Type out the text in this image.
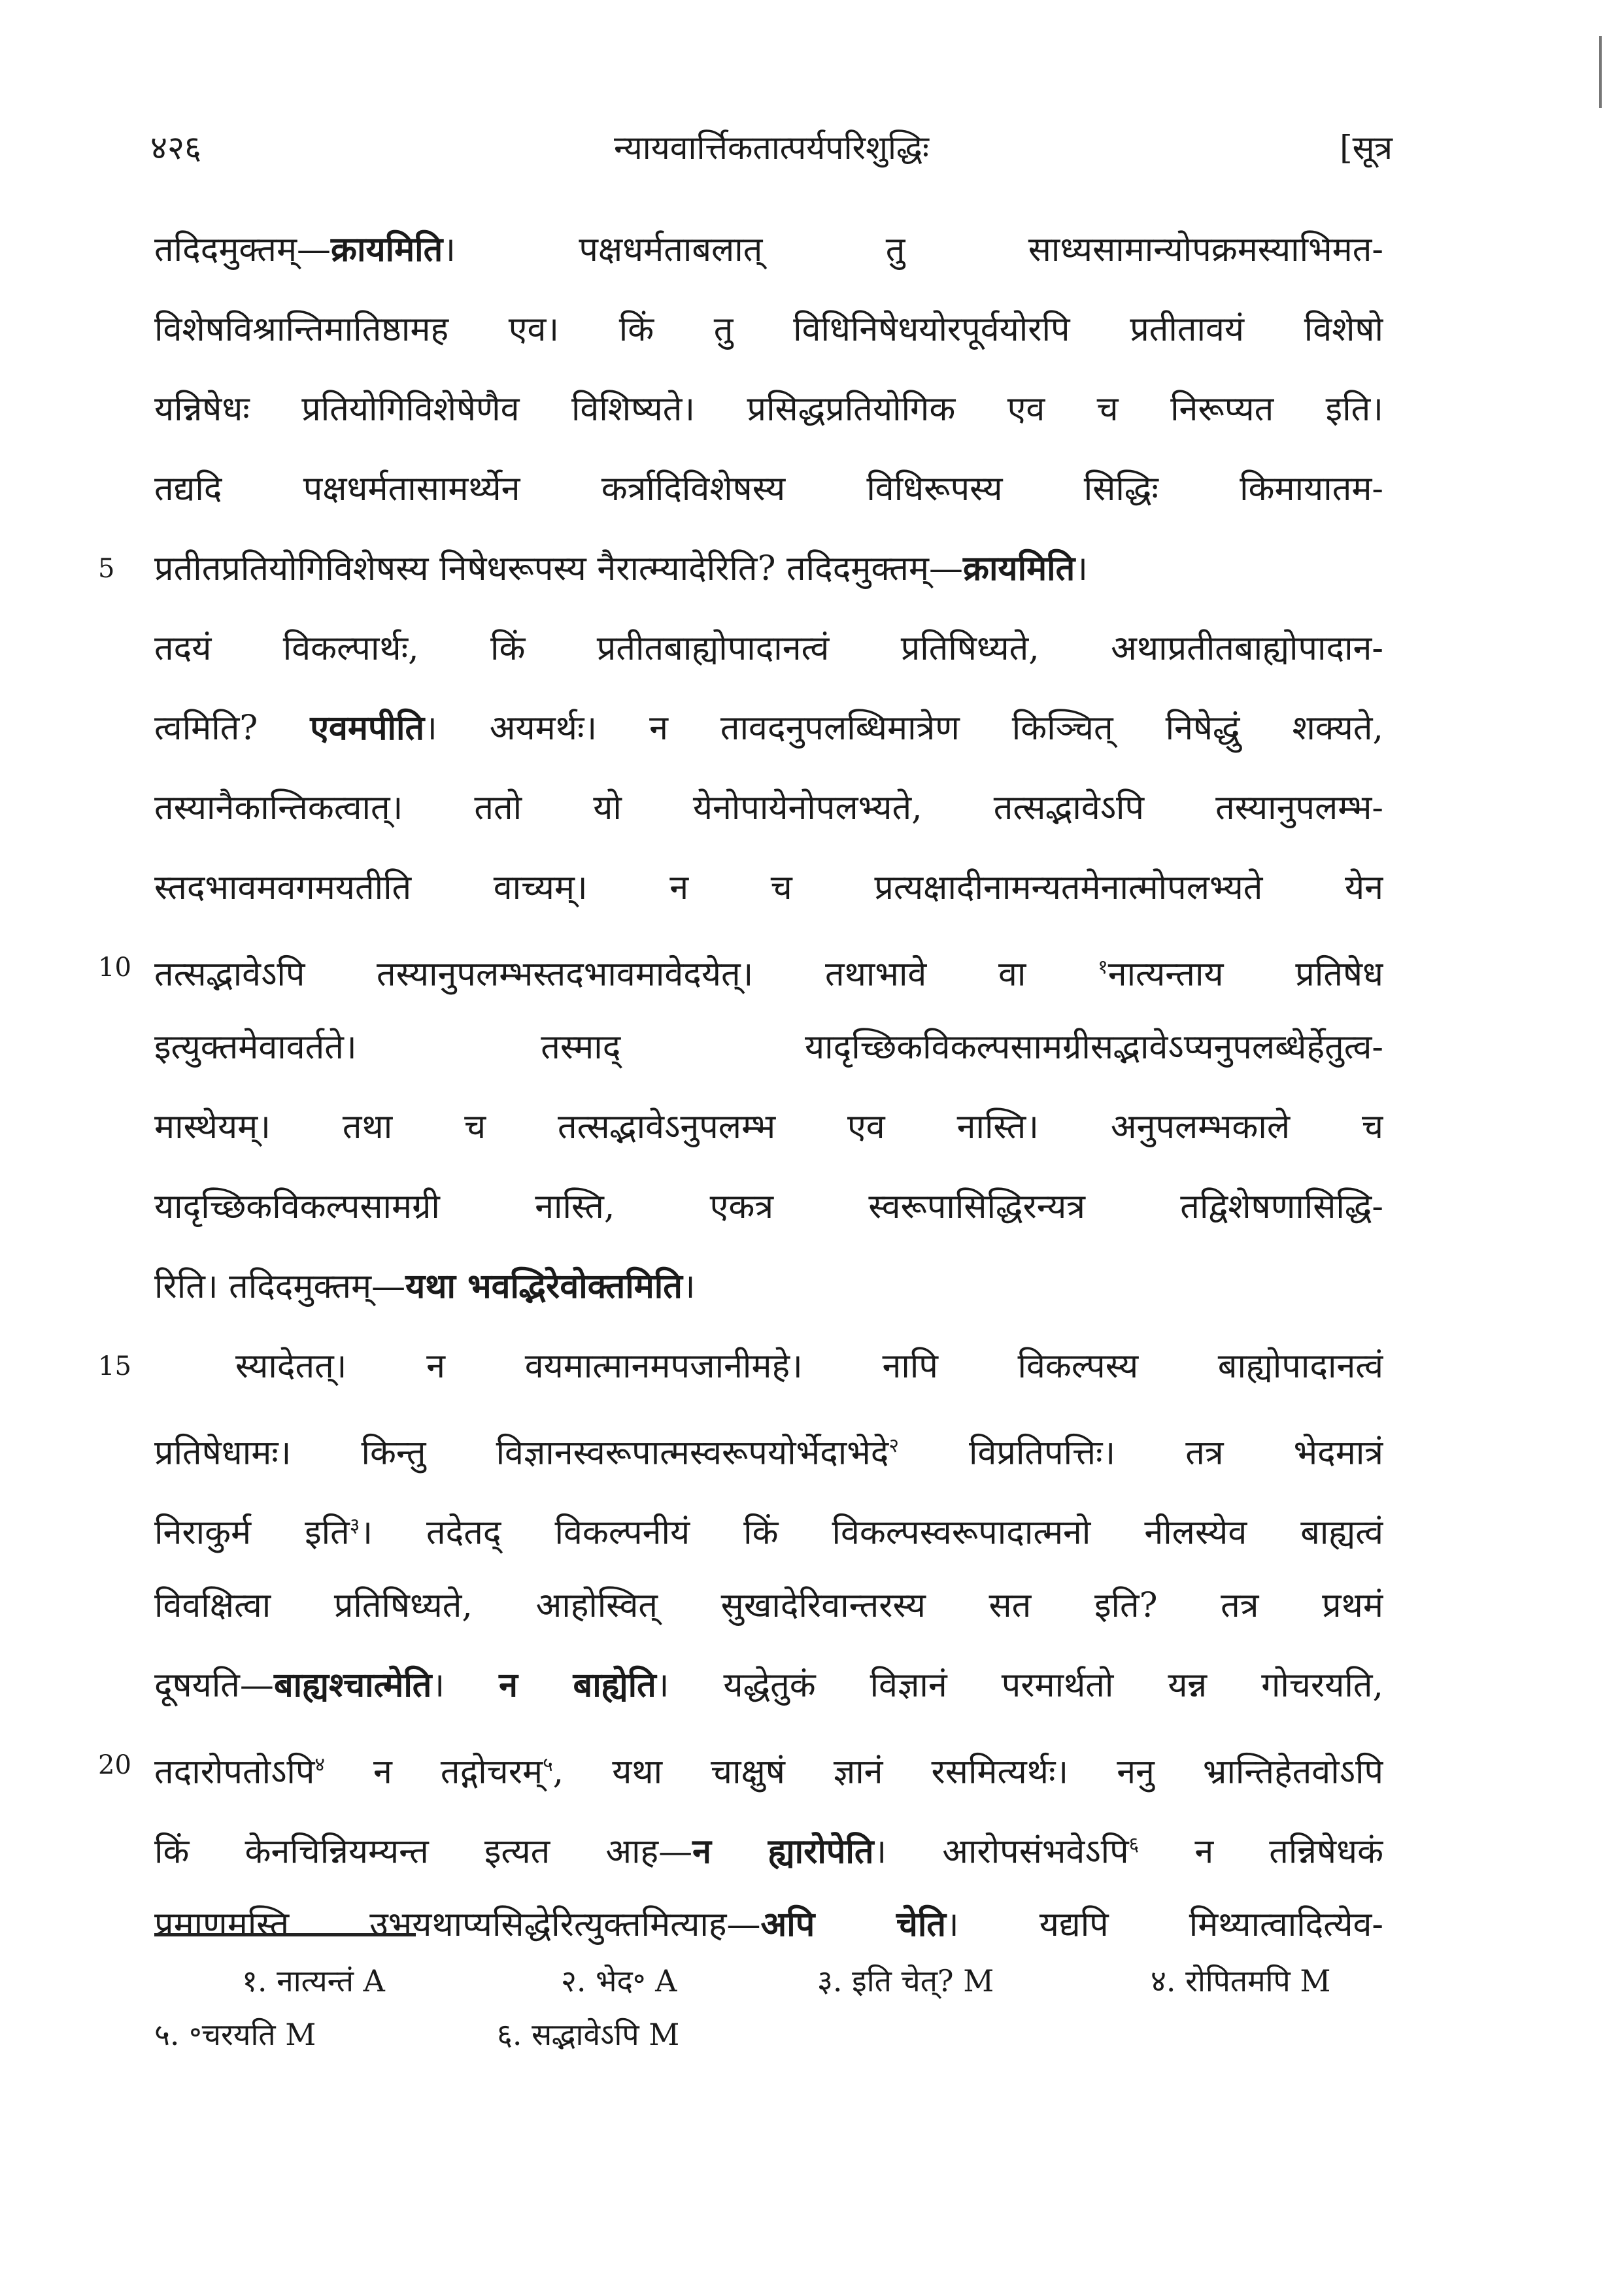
४२६	न्यायवार्त्तिकतात्पर्यपरिशुद्धिः	[सूत्र
तदिदमुक्तम्—क्रायमिति। पक्षधर्मताबलात् तु साध्यसामान्योपक्रमस्याभिमत-
विशेषविश्रान्तिमातिष्ठामह एव। किं तु विधिनिषेधयोरपूर्वयोरपि प्रतीतावयं विशेषो
यन्निषेधः प्रतियोगिविशेषेणैव विशिष्यते। प्रसिद्धप्रतियोगिक एव च निरूप्यत इति।
तद्यदि पक्षधर्मतासामर्थ्येन कर्त्रादिविशेषस्य विधिरूपस्य सिद्धिः किमायातम-
5	प्रतीतप्रतियोगिविशेषस्य निषेधरूपस्य नैरात्म्यादेरिति? तदिदमुक्तम्—क्रायमिति।
तदयं विकल्पार्थः, किं प्रतीतबाह्योपादानत्वं प्रतिषिध्यते, अथाप्रतीतबाह्योपादान-
त्वमिति? एवमपीति। अयमर्थः। न तावदनुपलब्धिमात्रेण किञ्चित् निषेद्धुं शक्यते,
तस्यानैकान्तिकत्वात्। ततो यो येनोपायेनोपलभ्यते, तत्सद्भावेऽपि तस्यानुपलम्भ-
स्तदभावमवगमयतीति वाच्यम्। न च प्रत्यक्षादीनामन्यतमेनात्मोपलभ्यते येन
10 तत्सद्भावेऽपि तस्यानुपलम्भस्तदभावमावेदयेत्। तथाभावे वा $^१$नात्यन्ताय प्रतिषेध
इत्युक्तमेवावर्तते। तस्माद् यादृच्छिकविकल्पसामग्रीसद्भावेऽप्यनुपलब्धेर्हेतुत्व-
मास्थेयम्। तथा च तत्सद्भावेऽनुपलम्भ एव नास्ति। अनुपलम्भकाले च
यादृच्छिकविकल्पसामग्री नास्ति, एकत्र स्वरूपासिद्धिरन्यत्र तद्विशेषणासिद्धि-
रिति। तदिदमुक्तम्—यथा भवद्भिरेवोक्तमिति।
15	स्यादेतत्। न वयमात्मानमपजानीमहे। नापि विकल्पस्य बाह्योपादानत्वं
प्रतिषेधामः। किन्तु विज्ञानस्वरूपात्मस्वरूपयोर्भेदाभेदे$^२$ विप्रतिपत्तिः। तत्र भेदमात्रं
निराकुर्म इति$^३$। तदेतद् विकल्पनीयं किं विकल्पस्वरूपादात्मनो नीलस्येव बाह्यत्वं
विवक्षित्वा प्रतिषिध्यते, आहोस्वित् सुखादेरिवान्तरस्य सत इति? तत्र प्रथमं
दूषयति—बाह्यश्चात्मेति। न बाह्येति। यद्धेतुकं विज्ञानं परमार्थतो यन्न गोचरयति,
20 तदारोपतोऽपि$^४$ न तद्गोचरम्$^५$, यथा चाक्षुषं ज्ञानं रसमित्यर्थः। ननु भ्रान्तिहेतवोऽपि
किं केनचिन्नियम्यन्त इत्यत आह—न ह्यारोपेति। आरोपसंभवेऽपि$^६$ न तन्निषेधकं
प्रमाणमस्ति उभयथाप्यसिद्धेरित्युक्तमित्याह—अपि चेति। यद्यपि मिथ्यात्वादित्येव-
१. नात्यन्तं A	२. भेद॰ A	३. इति चेत्? M	४. रोपितमपि M
५. ॰चरयति M	६. सद्भावेऽपि M
